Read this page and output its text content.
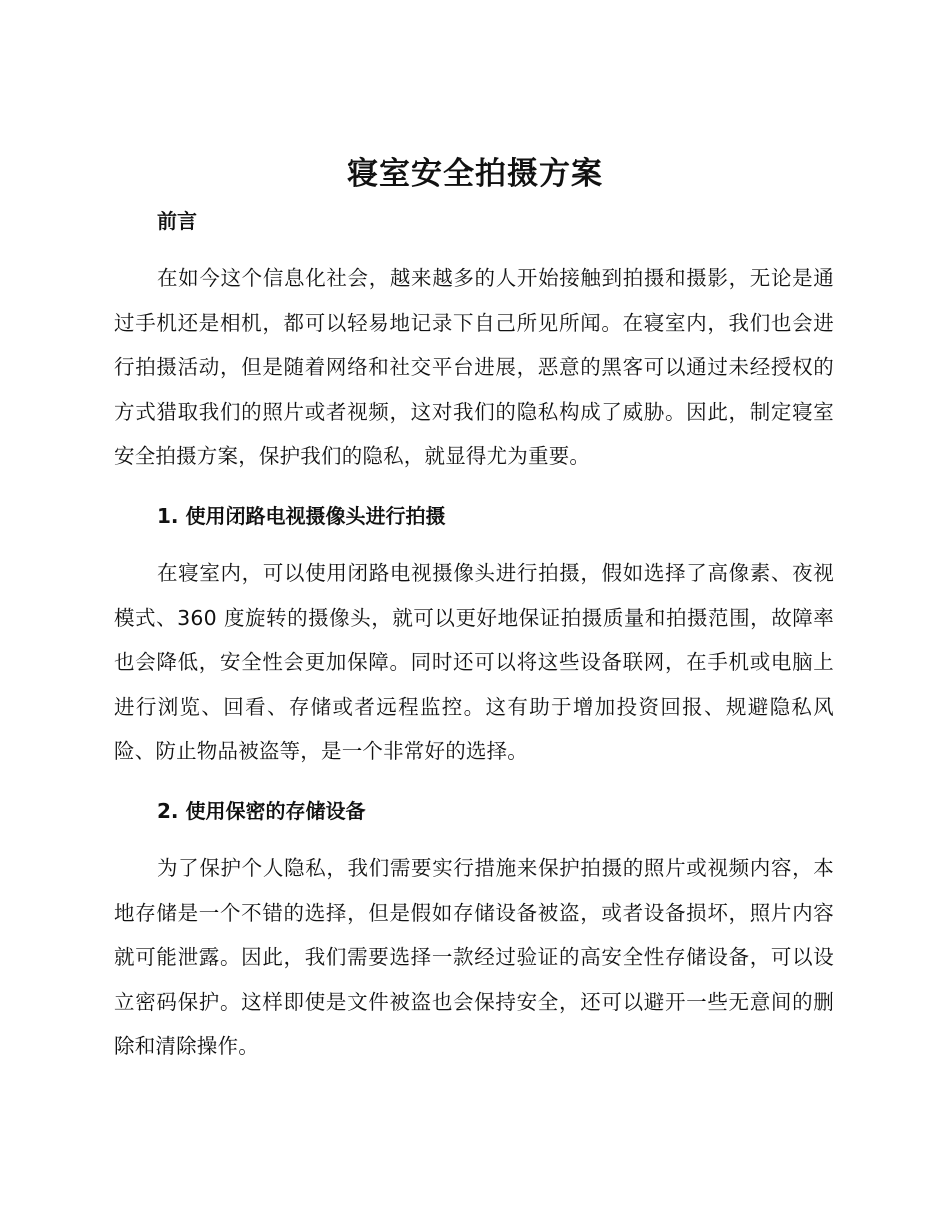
寝室安全拍摄方案
前言

在如今这个信息化社会，越来越多的人开始接触到拍摄和摄影，无论是通过手机还是相机，都可以轻易地记录下自己所见所闻。在寝室内，我们也会进行拍摄活动，但是随着网络和社交平台进展，恶意的黑客可以通过未经授权的方式猎取我们的照片或者视频，这对我们的隐私构成了威胁。因此，制定寝室安全拍摄方案，保护我们的隐私，就显得尤为重要。

1. 使用闭路电视摄像头进行拍摄

在寝室内，可以使用闭路电视摄像头进行拍摄，假如选择了高像素、夜视模式、360 度旋转的摄像头，就可以更好地保证拍摄质量和拍摄范围，故障率也会降低，安全性会更加保障。同时还可以将这些设备联网，在手机或电脑上进行浏览、回看、存储或者远程监控。这有助于增加投资回报、规避隐私风险、防止物品被盗等，是一个非常好的选择。

2. 使用保密的存储设备

为了保护个人隐私，我们需要实行措施来保护拍摄的照片或视频内容，本地存储是一个不错的选择，但是假如存储设备被盗，或者设备损坏，照片内容就可能泄露。因此，我们需要选择一款经过验证的高安全性存储设备，可以设立密码保护。这样即使是文件被盗也会保持安全，还可以避开一些无意间的删除和清除操作。
